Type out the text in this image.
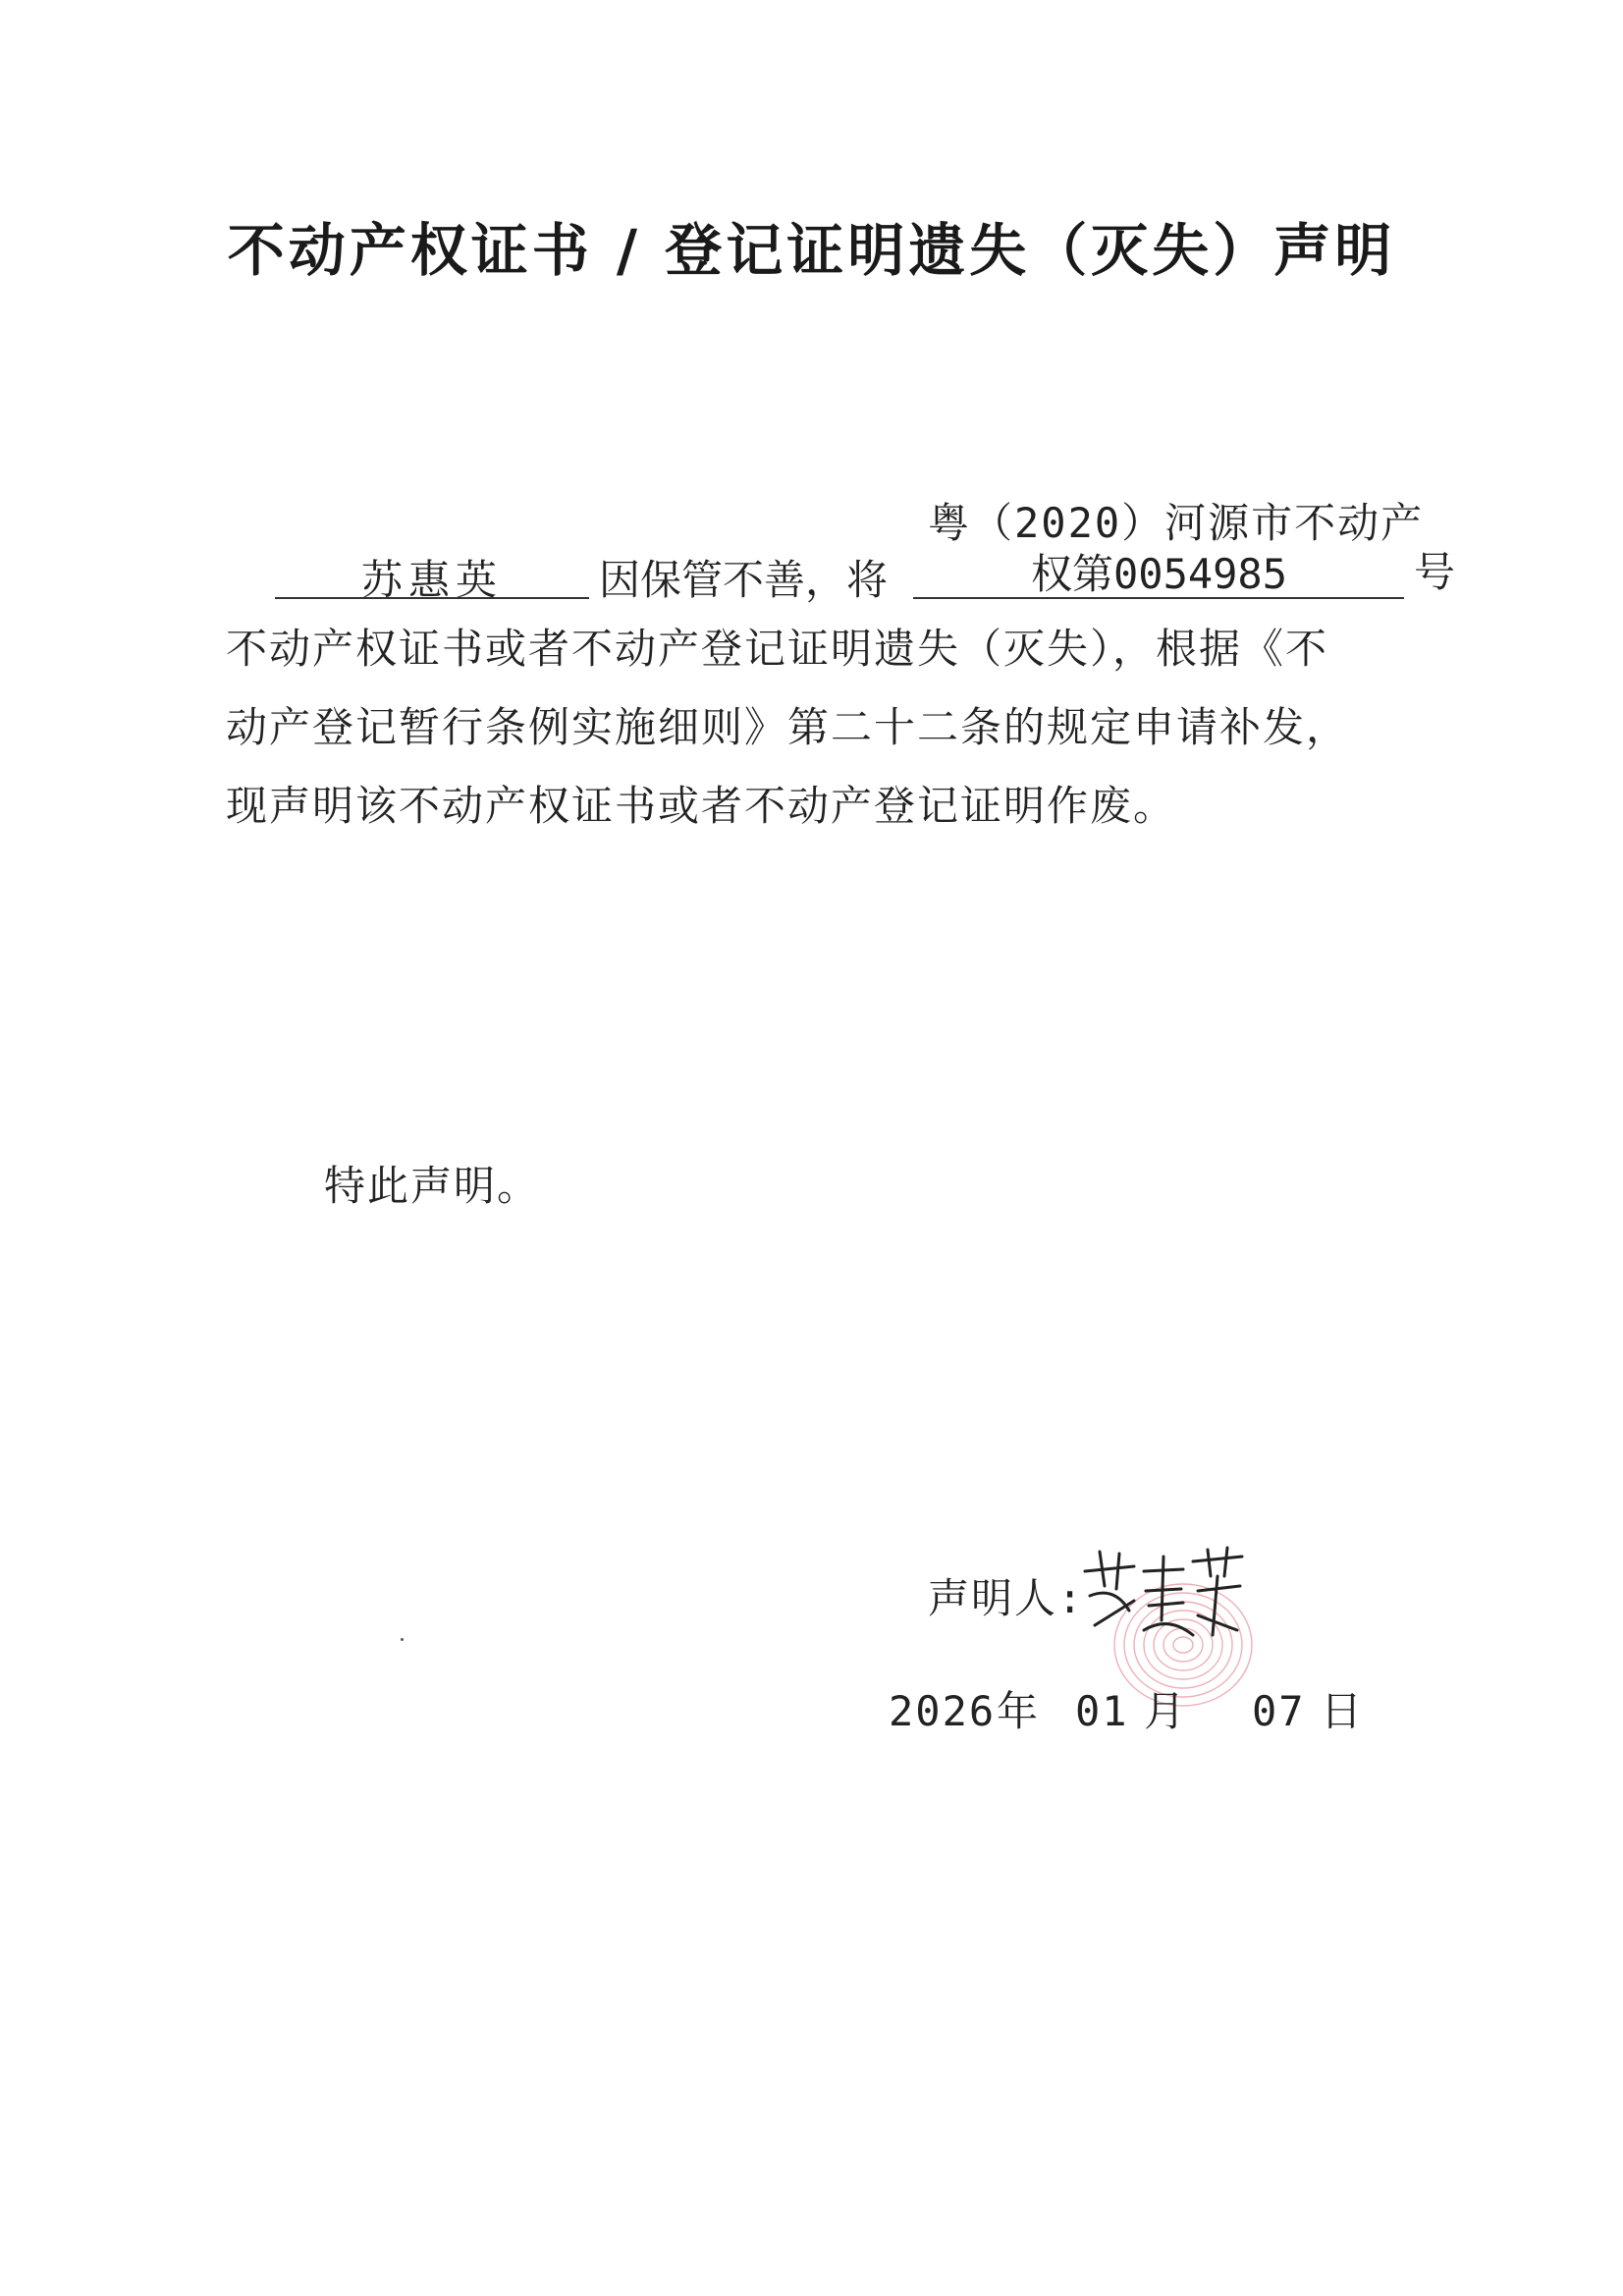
不动产权证书 / 登记证明遗失（灭失）声明
苏惠英	因保管不善，将
粤（2020）河源市不动产
权第0054985	号
不动产权证书或者不动产登记证明遗失（灭失），根据《不
动产登记暂行条例实施细则》第二十二条的规定申请补发，
现声明该不动产权证书或者不动产登记证明作废。
特此声明。
声明人:
2026年 01 月 07 日
